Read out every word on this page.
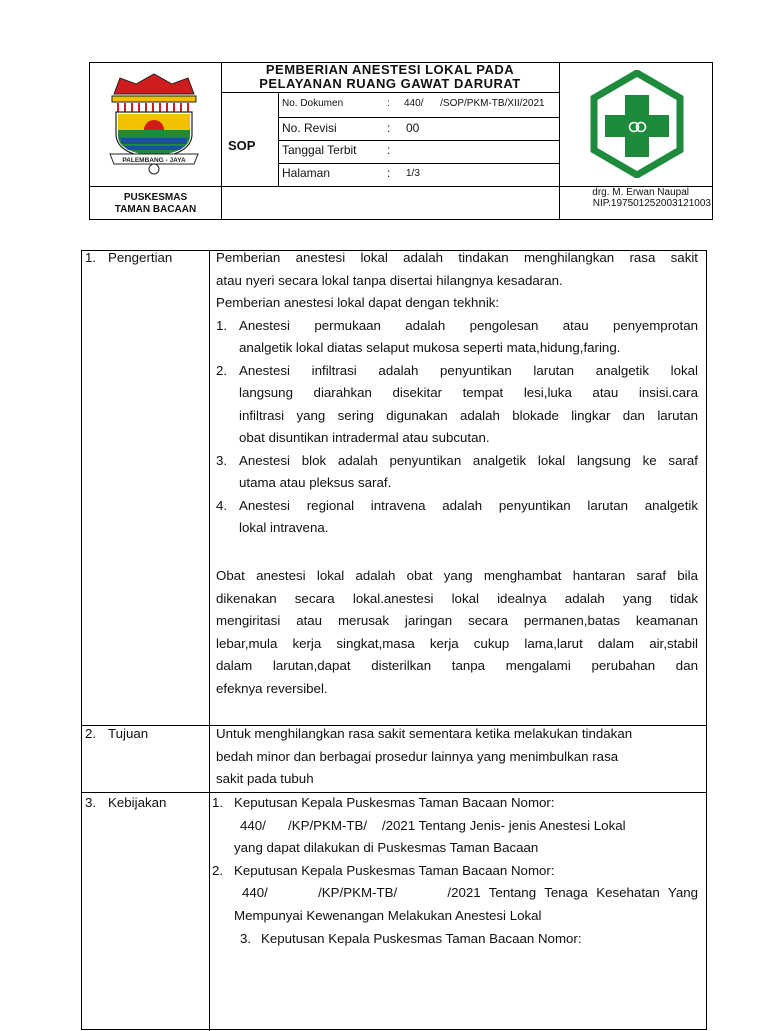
PALEMBANG - JAYA
PEMBERIAN ANESTESI LOKAL PADA
PELAYANAN RUANG GAWAT DARURAT
SOP
No. Dokumen	: 440/      /SOP/PKM-TB/XII/2021
No. Revisi	: 00
Tanggal Terbit	:
Halaman	: 1/3
PUSKESMAS
TAMAN BACAAN
drg. M. Erwan Naupal
NIP.197501252003121003
1. Pengertian	Pemberian anestesi lokal adalah tindakan menghilangkan rasa sakit
atau nyeri secara lokal tanpa disertai hilangnya kesadaran.
Pemberian anestesi lokal dapat dengan tekhnik:
1. Anestesi permukaan adalah pengolesan atau penyemprotan
analgetik lokal diatas selaput mukosa seperti mata,hidung,faring.
2. Anestesi infiltrasi adalah penyuntikan larutan analgetik lokal
langsung diarahkan disekitar tempat lesi,luka atau insisi.cara
infiltrasi yang sering digunakan adalah blokade lingkar dan larutan
obat disuntikan intradermal atau subcutan.
3. Anestesi blok adalah penyuntikan analgetik lokal langsung ke saraf
utama atau pleksus saraf.
4. Anestesi regional intravena adalah penyuntikan larutan analgetik
lokal intravena.
Obat anestesi lokal adalah obat yang menghambat hantaran saraf bila
dikenakan secara lokal.anestesi lokal idealnya adalah yang tidak
mengiritasi atau merusak jaringan secara permanen,batas keamanan
lebar,mula kerja singkat,masa kerja cukup lama,larut dalam air,stabil
dalam larutan,dapat disterilkan tanpa mengalami perubahan dan
efeknya reversibel.
2. Tujuan	Untuk menghilangkan rasa sakit sementara ketika melakukan tindakan
bedah minor dan berbagai prosedur lainnya yang menimbulkan rasa
sakit pada tubuh
3. Kebijakan	1. Keputusan Kepala Puskesmas Taman Bacaan Nomor:
440/      /KP/PKM-TB/    /2021 Tentang Jenis- jenis Anestesi Lokal
yang dapat dilakukan di Puskesmas Taman Bacaan
2. Keputusan Kepala Puskesmas Taman Bacaan Nomor:
440/      /KP/PKM-TB/      /2021 Tentang Tenaga Kesehatan Yang
Mempunyai Kewenangan Melakukan Anestesi Lokal
3. Keputusan Kepala Puskesmas Taman Bacaan Nomor:
